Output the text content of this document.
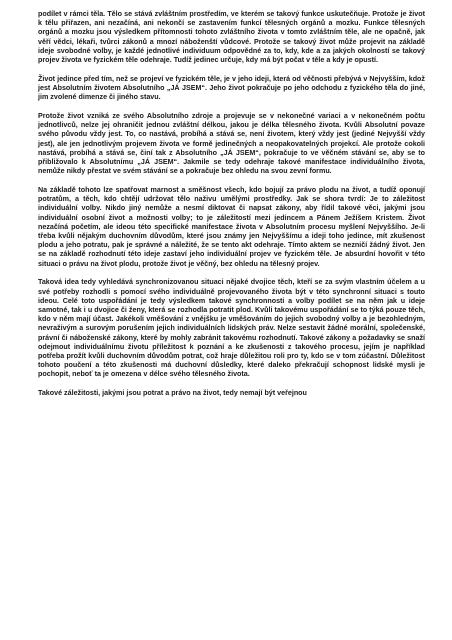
podílet v rámci těla. Tělo se stává zvláštním prostředím, ve kterém se takový funkce uskutečňuje. Protože je život k tělu přiřazen, ani nezačíná, ani nekončí se zastavením funkcí tělesných orgánů a mozku. Funkce tělesných orgánů a mozku jsou výsledkem přítomnosti tohoto zvláštního života v tomto zvláštním těle, ale ne opačně, jak věří vědci, lékaři, tvůrci zákonů a mnozí náboženští vůdcové. Protože se takový život může projevit na základě ideje svobodné volby, je každé jednotlivé individuum odpovědné za to, kdy, kde a za jakých okolností se takový projev života ve fyzickém těle odehraje. Tudíž jedinec určuje, kdy má být počat v těle a kdy je opustí.

Život jedince před tím, než se projeví ve fyzickém těle, je v jeho ideji, která od věčnosti přebývá v Nejvyšším, kdož jest Absolutním životem Absolutního „JÁ JSEM“. Jeho život pokračuje po jeho odchodu z fyzického těla do jiné, jim zvolené dimenze či jiného stavu.

Protože život vzniká ze svého Absolutního zdroje a projevuje se v nekonečné variaci a v nekonečném počtu jednotlivců, nelze jej ohraničit jednou zvláštní délkou, jakou je délka tělesného života. Kvůli Absolutní povaze svého původu vždy jest. To, co nastává, probíhá a stává se, není životem, který vždy jest (jediné Nejvyšší vždy jest), ale jen jednotlivým projevem života ve formě jedinečných a neopakovatelných projekcí. Ale protože cokoli nastává, probíhá a stává se, činí tak z Absolutního „JÁ JSEM“, pokračuje to ve věčném stávání se, aby se to přibližovalo k Absolutnímu „JÁ JSEM“. Jakmile se tedy odehraje takové manifestace individuálního života, nemůže nikdy přestat ve svém stávání se a pokračuje bez ohledu na svou zevní formu.

Na základě tohoto lze spatřovat marnost a směšnost všech, kdo bojují za právo plodu na život, a tudíž oponují potratům, a těch, kdo chtějí udržovat tělo naživu umělými prostředky. Jak se shora tvrdí: Je to záležitost individuální volby. Nikdo jiný nemůže a nesmí diktovat či napsat zákony, aby řídil takové věci, jakými jsou individuální osobní život a možnosti volby; to je záležitostí mezi jedincem a Pánem Ježíšem Kristem. Život nezačíná početím, ale ideou této specifické manifestace života v Absolutním procesu myšlení Nejvyššího. Je-li třeba kvůli nějakým duchovním důvodům, které jsou známy jen Nejvyššímu a ideji toho jedince, mít zkušenost plodu a jeho potratu, pak je správné a náležité, že se tento akt odehraje. Tímto aktem se nezničí žádný život. Jen se na základě rozhodnutí této ideje zastaví jeho individuální projev ve fyzickém těle. Je absurdní hovořit v této situaci o právu na život plodu, protože život je věčný, bez ohledu na tělesný projev.

Taková idea tedy vyhledává synchronizovanou situaci nějaké dvojice těch, kteří se za svým vlastním účelem a u své potřeby rozhodli s pomocí svého individuálně projevovaného života být v této synchronní situaci s touto ideou. Celé toto uspořádání je tedy výsledkem takové synchronnosti a volby podílet se na něm jak u ideje samotné, tak i u dvojice či ženy, která se rozhodla potratit plod. Kvůli takovému uspořádání se to týká pouze těch, kdo v něm mají účast. Jakékoli vměšování z vnějšku je vměšováním do jejich svobodný volby a je bezohledným, nevraživým a surovým porušením jejich individuálních lidských práv. Nelze sestavit žádné morální, společenské, právní či náboženské zákony, které by mohly zabránit takovému rozhodnutí. Takové zákony a požadavky se snaží odejmout individuálnímu životu příležitost k poznání a ke zkušenosti z takového procesu, jejím je například potřeba prožít kvůli duchovním důvodům potrat, což hraje důležitou roli pro ty, kdo se v tom zúčastní. Důležitost tohoto poučení a této zkušenosti má duchovní důsledky, které daleko překračují schopnost lidské mysli je pochopit, neboť ta je omezena v délce svého tělesného života.

Takové záležitosti, jakými jsou potrat a právo na život, tedy nemají být veřejnou
